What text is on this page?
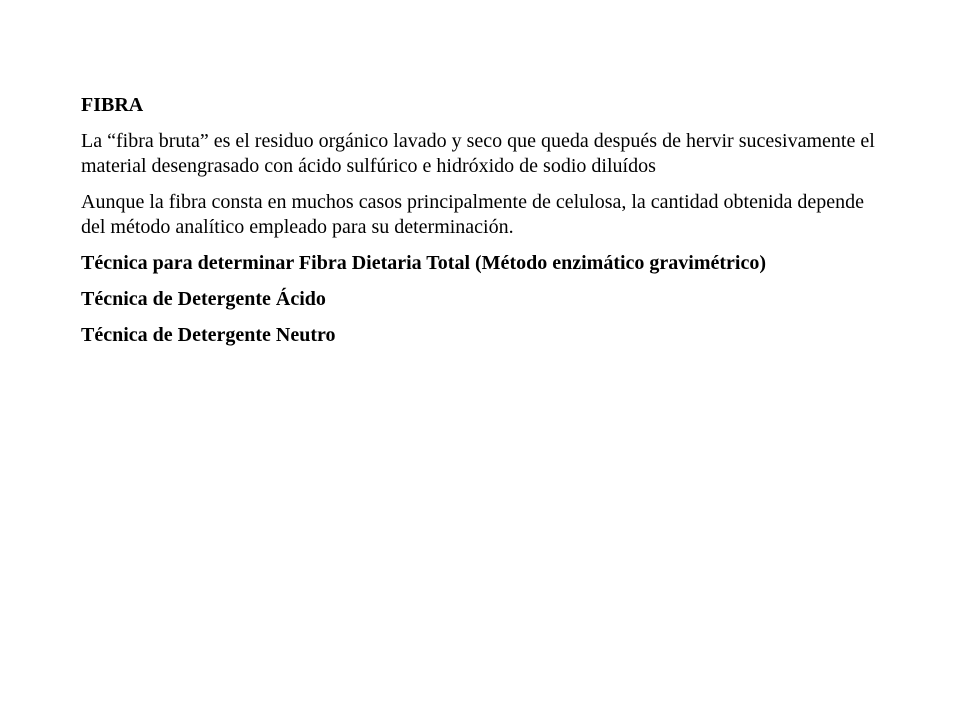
FIBRA

La “fibra bruta” es el residuo orgánico lavado y seco que queda después de hervir sucesivamente el material desengrasado con ácido sulfúrico e hidróxido de sodio diluídos

Aunque la fibra consta en muchos casos principalmente de celulosa, la cantidad obtenida depende del método analítico empleado para su determinación.

Técnica para determinar Fibra Dietaria Total (Método enzimático gravimétrico)

Técnica de Detergente Ácido

Técnica de Detergente Neutro
